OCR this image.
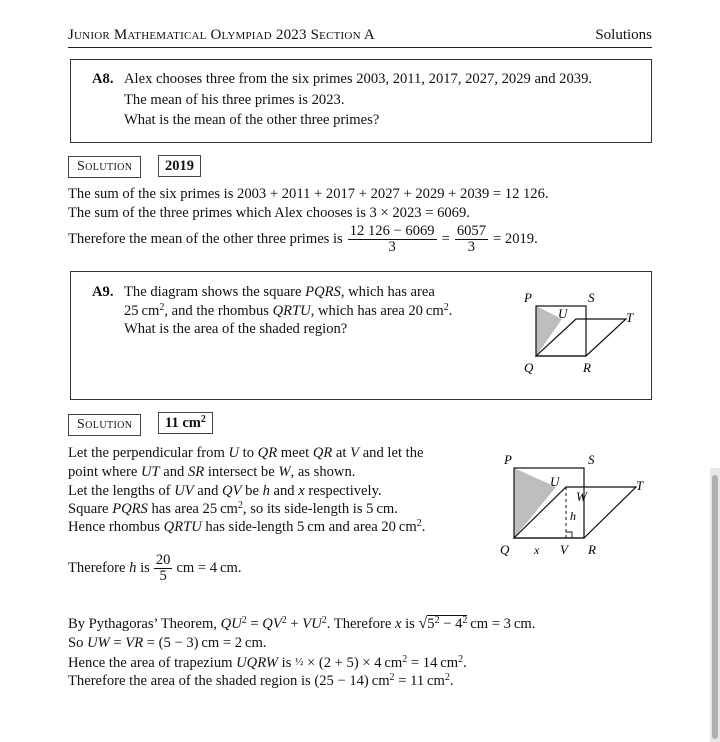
Junior Mathematical Olympiad 2023 Section A	Solutions
A8. Alex chooses three from the six primes 2003, 2011, 2017, 2027, 2029 and 2039.
The mean of his three primes is 2023.
What is the mean of the other three primes?
Solution	2019
The sum of the six primes is 2003 + 2011 + 2017 + 2027 + 2029 + 2039 = 12 126.
The sum of the three primes which Alex chooses is 3 × 2023 = 6069.
Therefore the mean of the other three primes is $\frac{12 126 - 6069}{3} = \frac{6057}{3} = 2019$.
A9. The diagram shows the square PQRS, which has area
25 $cm^2$, and the rhombus QRTU, which has area 20 $cm^2$.
What is the area of the shaded region?
P	S
U	T
Q	R
Solution	11 $cm^2$
Let the perpendicular from U to QR meet QR at V and let the
point where UT and SR intersect be W, as shown.
Let the lengths of UV and QV be h and x respectively.
Square PQRS has area 25 $cm^2$, so its side-length is 5 cm.
Hence rhombus QRTU has side-length 5 cm and area 20 $cm^2$.
Therefore h is $\frac{20}{5}$ cm = 4 cm.
P	S
U	T
W
h
Q x V R
By Pythagoras’ Theorem, $QU^2 = QV^2 + VU^2$. Therefore x is $√5^2 - 4^2$ cm = 3 cm.
So UW = VR = (5 − 3) cm = 2 cm.
Hence the area of trapezium UQRW is ½ × (2 + 5) × 4 $cm^2 = 14$ $cm^2$.
Therefore the area of the shaded region is (25 − 14) $cm^2 = 11$ $cm^2$.
